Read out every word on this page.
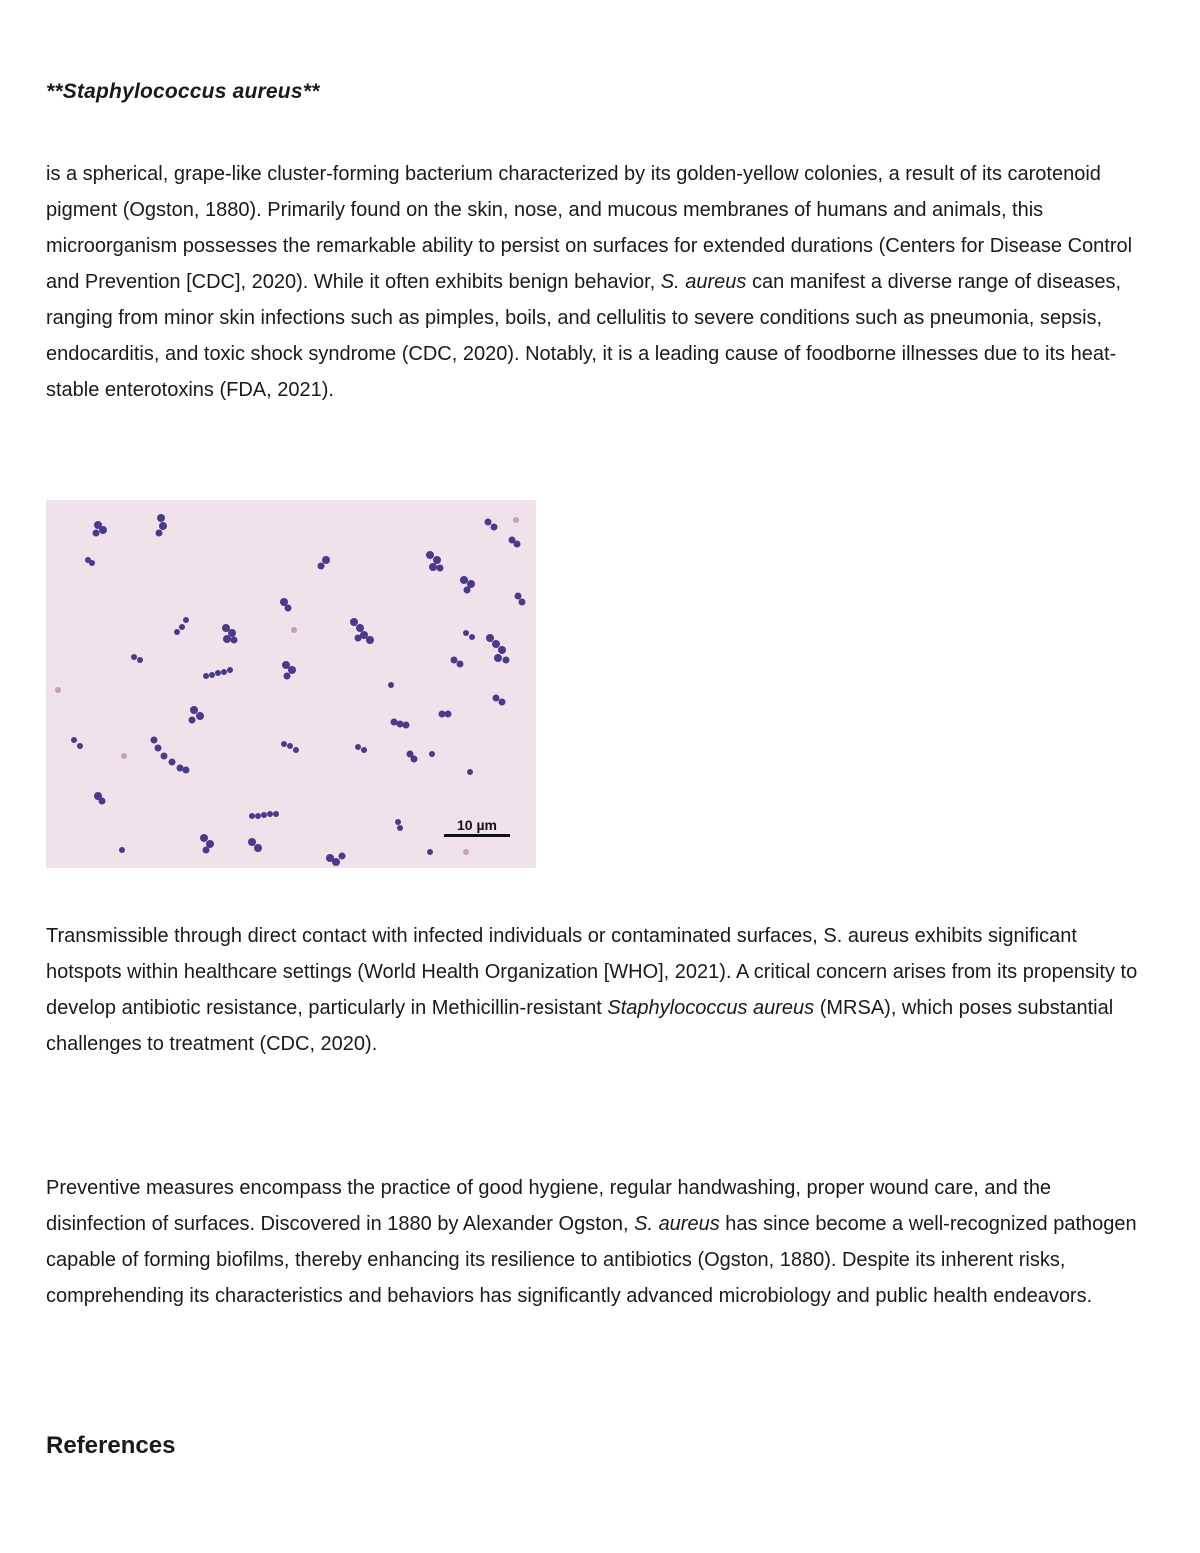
**Staphylococcus aureus**

is a spherical, grape-like cluster-forming bacterium characterized by its golden-yellow colonies, a result of its carotenoid pigment (Ogston, 1880). Primarily found on the skin, nose, and mucous membranes of humans and animals, this microorganism possesses the remarkable ability to persist on surfaces for extended durations (Centers for Disease Control and Prevention [CDC], 2020). While it often exhibits benign behavior, S. aureus can manifest a diverse range of diseases, ranging from minor skin infections such as pimples, boils, and cellulitis to severe conditions such as pneumonia, sepsis, endocarditis, and toxic shock syndrome (CDC, 2020). Notably, it is a leading cause of foodborne illnesses due to its heat-stable enterotoxins (FDA, 2021).

10 µm

Transmissible through direct contact with infected individuals or contaminated surfaces, S. aureus exhibits significant hotspots within healthcare settings (World Health Organization [WHO], 2021). A critical concern arises from its propensity to develop antibiotic resistance, particularly in Methicillin-resistant Staphylococcus aureus (MRSA), which poses substantial challenges to treatment (CDC, 2020).

Preventive measures encompass the practice of good hygiene, regular handwashing, proper wound care, and the disinfection of surfaces. Discovered in 1880 by Alexander Ogston, S. aureus has since become a well-recognized pathogen capable of forming biofilms, thereby enhancing its resilience to antibiotics (Ogston, 1880). Despite its inherent risks, comprehending its characteristics and behaviors has significantly advanced microbiology and public health endeavors.

References
